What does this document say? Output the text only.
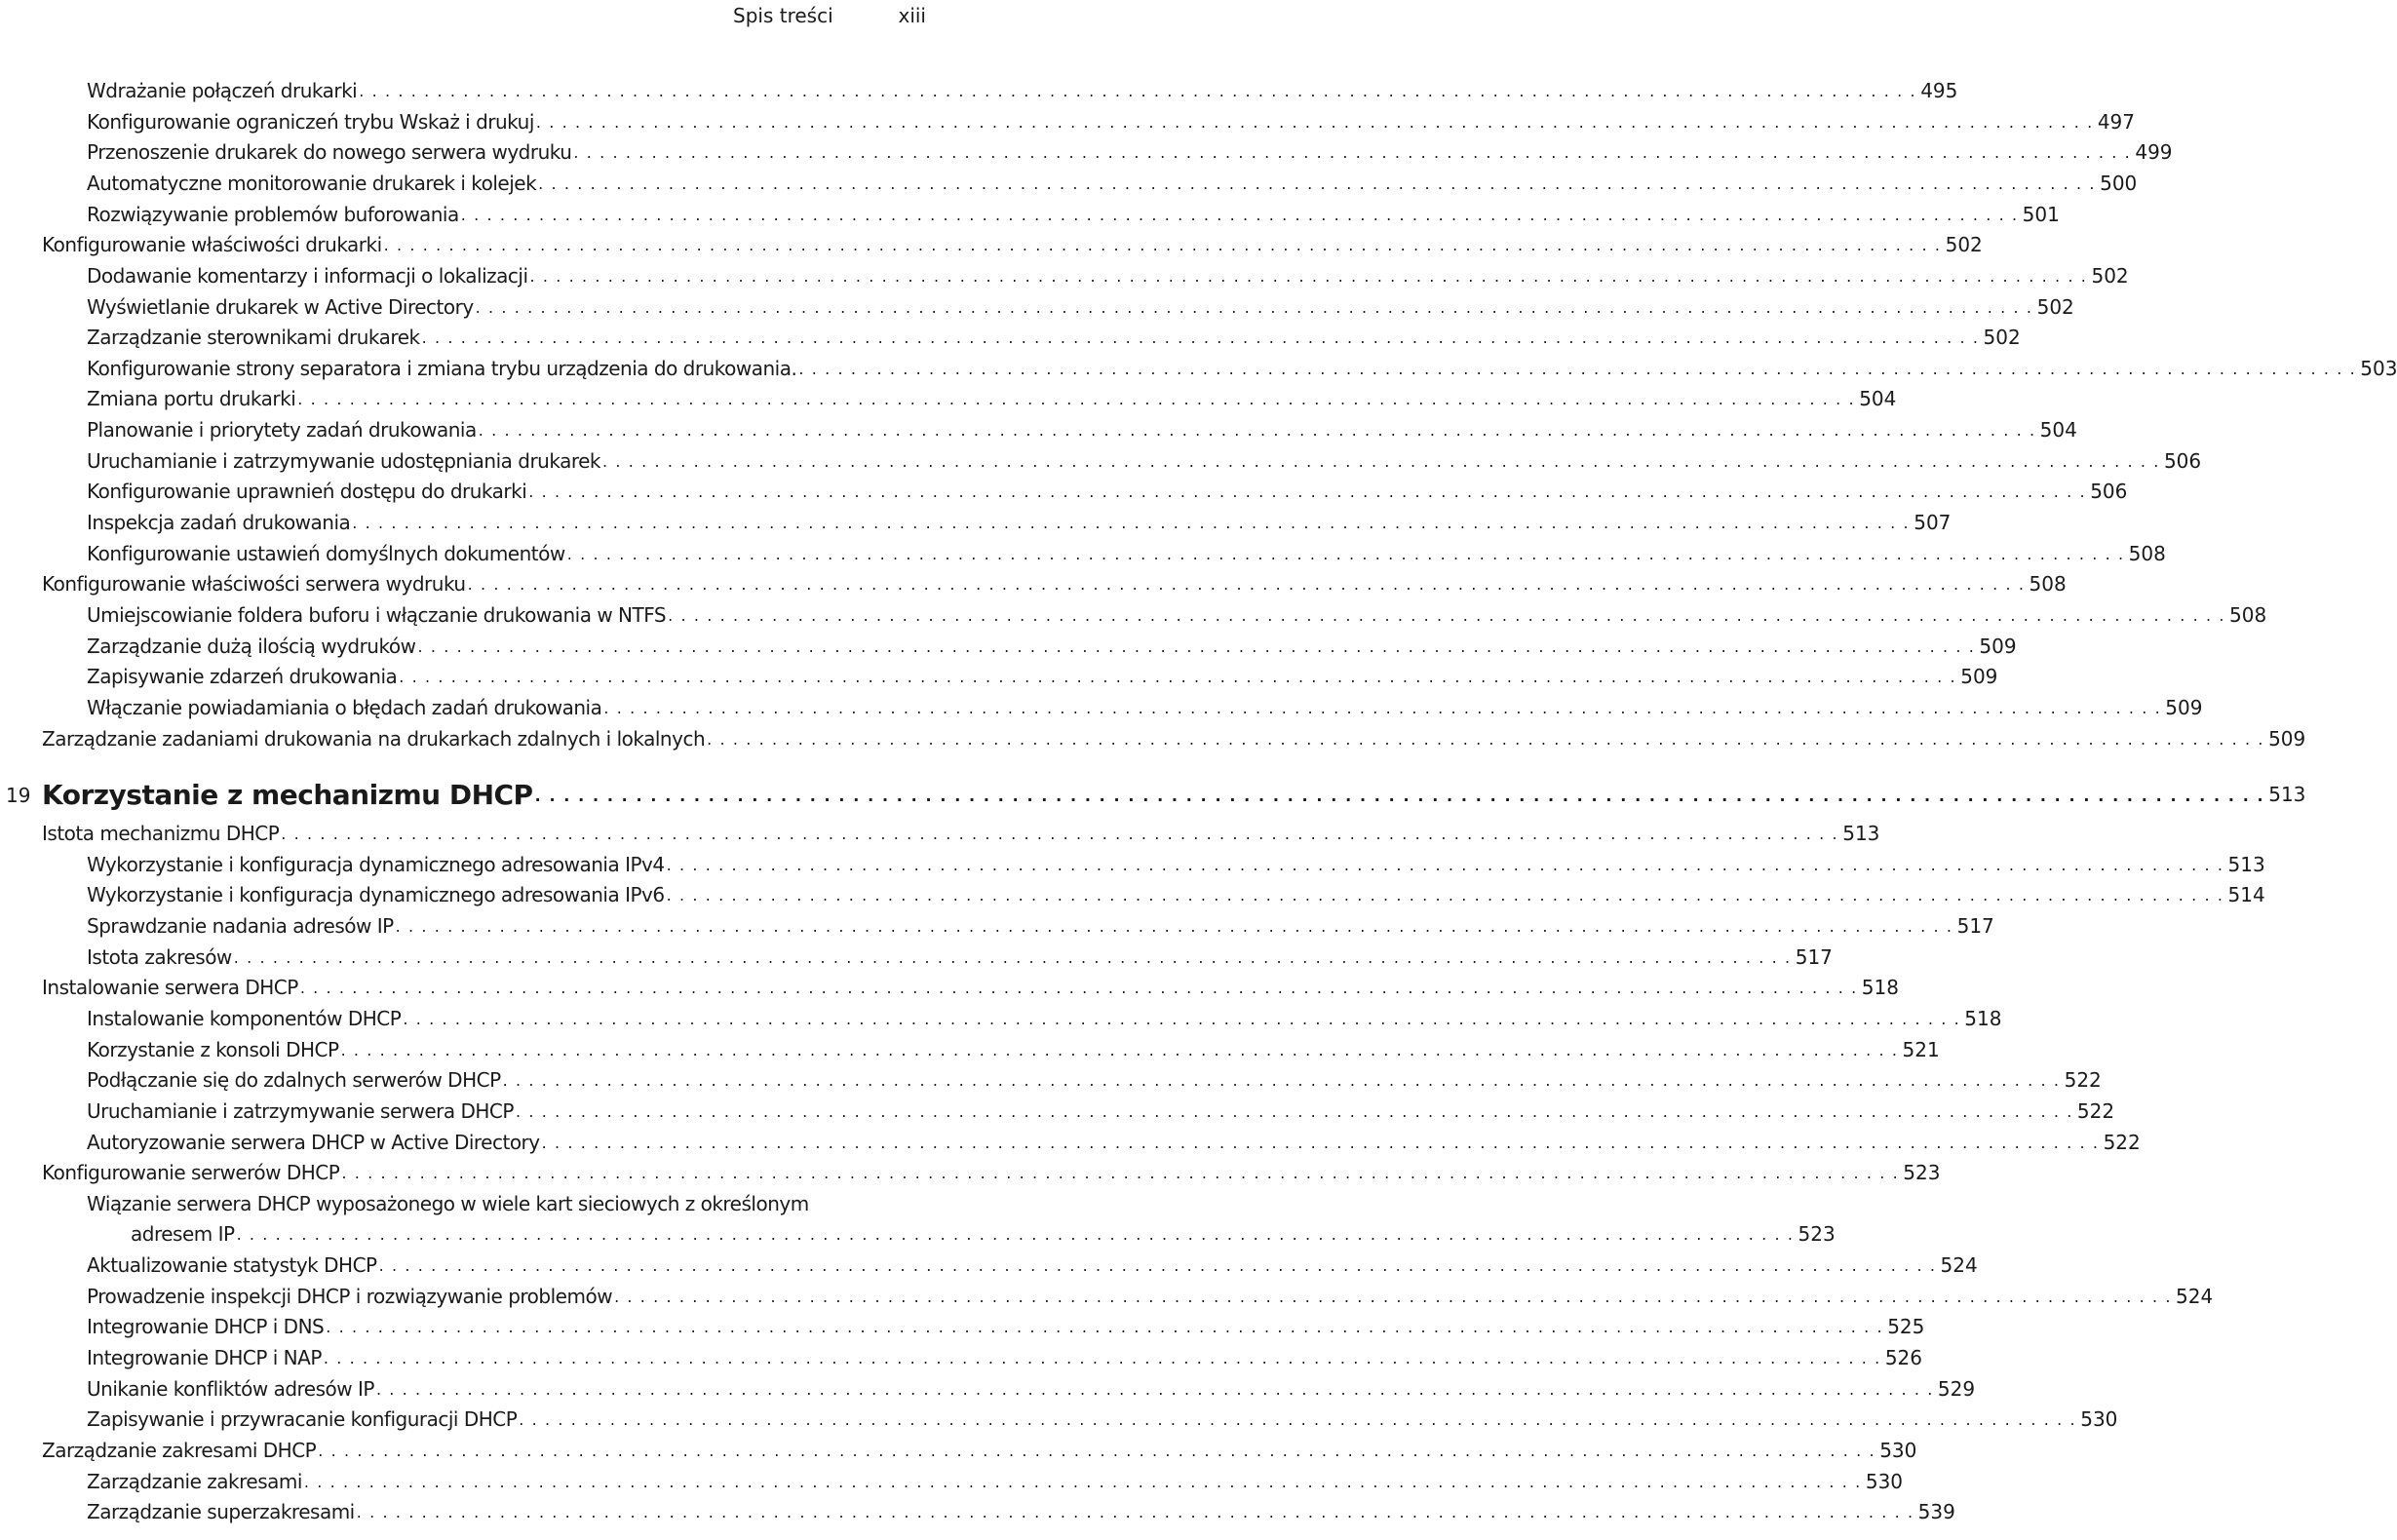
Spis treści	xiii
Wdrażanie połączeń drukarki . . . . . . . . . . . . . . . . . . . . . . . . . . . . . . . . . . . . . . . . . . . . . . . . . . . . . . . . . . . . . . . . . . . . . . . . . . . . . . . . . . . . . . . . . . . . . . . . . . . . . . . . . . . . . . . . . . . . . . . . 495
Konfigurowanie ograniczeń trybu Wskaż i drukuj . . . . . . . . . . . . . . . . . . . . . . . . . . . . . . . . . . . . . . . . . . . . . . . . . . . . . . . . . . . . . . . . . . . . . . . . . . . . . . . . . . . . . . . . . . . . . . . . . . . . . . . . . . . . . . . . . . . . . . . . 497
Przenoszenie drukarek do nowego serwera wydruku . . . . . . . . . . . . . . . . . . . . . . . . . . . . . . . . . . . . . . . . . . . . . . . . . . . . . . . . . . . . . . . . . . . . . . . . . . . . . . . . . . . . . . . . . . . . . . . . . . . . . . . . . . . . . . . . . . . . . . . . 499
Automatyczne monitorowanie drukarek i kolejek . . . . . . . . . . . . . . . . . . . . . . . . . . . . . . . . . . . . . . . . . . . . . . . . . . . . . . . . . . . . . . . . . . . . . . . . . . . . . . . . . . . . . . . . . . . . . . . . . . . . . . . . . . . . . . . . . . . . . . . . 500
Rozwiązywanie problemów buforowania . . . . . . . . . . . . . . . . . . . . . . . . . . . . . . . . . . . . . . . . . . . . . . . . . . . . . . . . . . . . . . . . . . . . . . . . . . . . . . . . . . . . . . . . . . . . . . . . . . . . . . . . . . . . . . . . . . . . . . . . 501
Konfigurowanie właściwości drukarki . . . . . . . . . . . . . . . . . . . . . . . . . . . . . . . . . . . . . . . . . . . . . . . . . . . . . . . . . . . . . . . . . . . . . . . . . . . . . . . . . . . . . . . . . . . . . . . . . . . . . . . . . . . . . . . . . . . . . . . . 502
Dodawanie komentarzy i informacji o lokalizacji . . . . . . . . . . . . . . . . . . . . . . . . . . . . . . . . . . . . . . . . . . . . . . . . . . . . . . . . . . . . . . . . . . . . . . . . . . . . . . . . . . . . . . . . . . . . . . . . . . . . . . . . . . . . . . . . . . . . . . . . 502
Wyświetlanie drukarek w Active Directory . . . . . . . . . . . . . . . . . . . . . . . . . . . . . . . . . . . . . . . . . . . . . . . . . . . . . . . . . . . . . . . . . . . . . . . . . . . . . . . . . . . . . . . . . . . . . . . . . . . . . . . . . . . . . . . . . . . . . . . . 502
Zarządzanie sterownikami drukarek . . . . . . . . . . . . . . . . . . . . . . . . . . . . . . . . . . . . . . . . . . . . . . . . . . . . . . . . . . . . . . . . . . . . . . . . . . . . . . . . . . . . . . . . . . . . . . . . . . . . . . . . . . . . . . . . . . . . . . . . 502
Konfigurowanie strony separatora i zmiana trybu urządzenia do drukowania. . . . . . . . . . . . . . . . . . . . . . . . . . . . . . . . . . . . . . . . . . . . . . . . . . . . . . . . . . . . . . . . . . . . . . . . . . . . . . . . . . . . . . . . . . . . . . . . . . . . . . . . . . . . . . . . . . . . . . . . . 503
Zmiana portu drukarki . . . . . . . . . . . . . . . . . . . . . . . . . . . . . . . . . . . . . . . . . . . . . . . . . . . . . . . . . . . . . . . . . . . . . . . . . . . . . . . . . . . . . . . . . . . . . . . . . . . . . . . . . . . . . . . . . . . . . . . . 504
Planowanie i priorytety zadań drukowania . . . . . . . . . . . . . . . . . . . . . . . . . . . . . . . . . . . . . . . . . . . . . . . . . . . . . . . . . . . . . . . . . . . . . . . . . . . . . . . . . . . . . . . . . . . . . . . . . . . . . . . . . . . . . . . . . . . . . . . . 504
Uruchamianie i zatrzymywanie udostępniania drukarek . . . . . . . . . . . . . . . . . . . . . . . . . . . . . . . . . . . . . . . . . . . . . . . . . . . . . . . . . . . . . . . . . . . . . . . . . . . . . . . . . . . . . . . . . . . . . . . . . . . . . . . . . . . . . . . . . . . . . . . . 506
Konfigurowanie uprawnień dostępu do drukarki . . . . . . . . . . . . . . . . . . . . . . . . . . . . . . . . . . . . . . . . . . . . . . . . . . . . . . . . . . . . . . . . . . . . . . . . . . . . . . . . . . . . . . . . . . . . . . . . . . . . . . . . . . . . . . . . . . . . . . . . 506
Inspekcja zadań drukowania . . . . . . . . . . . . . . . . . . . . . . . . . . . . . . . . . . . . . . . . . . . . . . . . . . . . . . . . . . . . . . . . . . . . . . . . . . . . . . . . . . . . . . . . . . . . . . . . . . . . . . . . . . . . . . . . . . . . . . . . 507
Konfigurowanie ustawień domyślnych dokumentów . . . . . . . . . . . . . . . . . . . . . . . . . . . . . . . . . . . . . . . . . . . . . . . . . . . . . . . . . . . . . . . . . . . . . . . . . . . . . . . . . . . . . . . . . . . . . . . . . . . . . . . . . . . . . . . . . . . . . . . . 508
Konfigurowanie właściwości serwera wydruku . . . . . . . . . . . . . . . . . . . . . . . . . . . . . . . . . . . . . . . . . . . . . . . . . . . . . . . . . . . . . . . . . . . . . . . . . . . . . . . . . . . . . . . . . . . . . . . . . . . . . . . . . . . . . . . . . . . . . . . . 508
Umiejscowianie foldera buforu i włączanie drukowania w NTFS . . . . . . . . . . . . . . . . . . . . . . . . . . . . . . . . . . . . . . . . . . . . . . . . . . . . . . . . . . . . . . . . . . . . . . . . . . . . . . . . . . . . . . . . . . . . . . . . . . . . . . . . . . . . . . . . . . . . . . . . 508
Zarządzanie dużą ilością wydruków . . . . . . . . . . . . . . . . . . . . . . . . . . . . . . . . . . . . . . . . . . . . . . . . . . . . . . . . . . . . . . . . . . . . . . . . . . . . . . . . . . . . . . . . . . . . . . . . . . . . . . . . . . . . . . . . . . . . . . . . 509
Zapisywanie zdarzeń drukowania . . . . . . . . . . . . . . . . . . . . . . . . . . . . . . . . . . . . . . . . . . . . . . . . . . . . . . . . . . . . . . . . . . . . . . . . . . . . . . . . . . . . . . . . . . . . . . . . . . . . . . . . . . . . . . . . . . . . . . . . 509
Włączanie powiadamiania o błędach zadań drukowania . . . . . . . . . . . . . . . . . . . . . . . . . . . . . . . . . . . . . . . . . . . . . . . . . . . . . . . . . . . . . . . . . . . . . . . . . . . . . . . . . . . . . . . . . . . . . . . . . . . . . . . . . . . . . . . . . . . . . . . . 509
Zarządzanie zadaniami drukowania na drukarkach zdalnych i lokalnych . . . . . . . . . . . . . . . . . . . . . . . . . . . . . . . . . . . . . . . . . . . . . . . . . . . . . . . . . . . . . . . . . . . . . . . . . . . . . . . . . . . . . . . . . . . . . . . . . . . . . . . . . . . . . . . . . . . . . . . . 509
19 Korzystanie z mechanizmu DHCP . . . . . . . . . . . . . . . . . . . . . . . . . . . . . . . . . . . . . . . . . . . . . . . . . . . . . . . . . . . . . . . . . . . . . . . . . . . . . . . . . . . . . . . . . . . . . . . . . . . . . . . . . . . . . . . . . . . . . . . . 513
Istota mechanizmu DHCP . . . . . . . . . . . . . . . . . . . . . . . . . . . . . . . . . . . . . . . . . . . . . . . . . . . . . . . . . . . . . . . . . . . . . . . . . . . . . . . . . . . . . . . . . . . . . . . . . . . . . . . . . . . . . . . . . . . . . . . . 513
Wykorzystanie i konfiguracja dynamicznego adresowania IPv4 . . . . . . . . . . . . . . . . . . . . . . . . . . . . . . . . . . . . . . . . . . . . . . . . . . . . . . . . . . . . . . . . . . . . . . . . . . . . . . . . . . . . . . . . . . . . . . . . . . . . . . . . . . . . . . . . . . . . . . . . 513
Wykorzystanie i konfiguracja dynamicznego adresowania IPv6 . . . . . . . . . . . . . . . . . . . . . . . . . . . . . . . . . . . . . . . . . . . . . . . . . . . . . . . . . . . . . . . . . . . . . . . . . . . . . . . . . . . . . . . . . . . . . . . . . . . . . . . . . . . . . . . . . . . . . . . . 514
Sprawdzanie nadania adresów IP . . . . . . . . . . . . . . . . . . . . . . . . . . . . . . . . . . . . . . . . . . . . . . . . . . . . . . . . . . . . . . . . . . . . . . . . . . . . . . . . . . . . . . . . . . . . . . . . . . . . . . . . . . . . . . . . . . . . . . . . 517
Istota zakresów . . . . . . . . . . . . . . . . . . . . . . . . . . . . . . . . . . . . . . . . . . . . . . . . . . . . . . . . . . . . . . . . . . . . . . . . . . . . . . . . . . . . . . . . . . . . . . . . . . . . . . . . . . . . . . . . . . . . . . . . 517
Instalowanie serwera DHCP . . . . . . . . . . . . . . . . . . . . . . . . . . . . . . . . . . . . . . . . . . . . . . . . . . . . . . . . . . . . . . . . . . . . . . . . . . . . . . . . . . . . . . . . . . . . . . . . . . . . . . . . . . . . . . . . . . . . . . . . 518
Instalowanie komponentów DHCP . . . . . . . . . . . . . . . . . . . . . . . . . . . . . . . . . . . . . . . . . . . . . . . . . . . . . . . . . . . . . . . . . . . . . . . . . . . . . . . . . . . . . . . . . . . . . . . . . . . . . . . . . . . . . . . . . . . . . . . . 518
Korzystanie z konsoli DHCP . . . . . . . . . . . . . . . . . . . . . . . . . . . . . . . . . . . . . . . . . . . . . . . . . . . . . . . . . . . . . . . . . . . . . . . . . . . . . . . . . . . . . . . . . . . . . . . . . . . . . . . . . . . . . . . . . . . . . . . . 521
Podłączanie się do zdalnych serwerów DHCP . . . . . . . . . . . . . . . . . . . . . . . . . . . . . . . . . . . . . . . . . . . . . . . . . . . . . . . . . . . . . . . . . . . . . . . . . . . . . . . . . . . . . . . . . . . . . . . . . . . . . . . . . . . . . . . . . . . . . . . . 522
Uruchamianie i zatrzymywanie serwera DHCP . . . . . . . . . . . . . . . . . . . . . . . . . . . . . . . . . . . . . . . . . . . . . . . . . . . . . . . . . . . . . . . . . . . . . . . . . . . . . . . . . . . . . . . . . . . . . . . . . . . . . . . . . . . . . . . . . . . . . . . . 522
Autoryzowanie serwera DHCP w Active Directory . . . . . . . . . . . . . . . . . . . . . . . . . . . . . . . . . . . . . . . . . . . . . . . . . . . . . . . . . . . . . . . . . . . . . . . . . . . . . . . . . . . . . . . . . . . . . . . . . . . . . . . . . . . . . . . . . . . . . . . . 522
Konfigurowanie serwerów DHCP . . . . . . . . . . . . . . . . . . . . . . . . . . . . . . . . . . . . . . . . . . . . . . . . . . . . . . . . . . . . . . . . . . . . . . . . . . . . . . . . . . . . . . . . . . . . . . . . . . . . . . . . . . . . . . . . . . . . . . . . 523
Wiązanie serwera DHCP wyposażonego w wiele kart sieciowych z określonym
adresem IP . . . . . . . . . . . . . . . . . . . . . . . . . . . . . . . . . . . . . . . . . . . . . . . . . . . . . . . . . . . . . . . . . . . . . . . . . . . . . . . . . . . . . . . . . . . . . . . . . . . . . . . . . . . . . . . . . . . . . . . . 523
Aktualizowanie statystyk DHCP . . . . . . . . . . . . . . . . . . . . . . . . . . . . . . . . . . . . . . . . . . . . . . . . . . . . . . . . . . . . . . . . . . . . . . . . . . . . . . . . . . . . . . . . . . . . . . . . . . . . . . . . . . . . . . . . . . . . . . . . 524
Prowadzenie inspekcji DHCP i rozwiązywanie problemów . . . . . . . . . . . . . . . . . . . . . . . . . . . . . . . . . . . . . . . . . . . . . . . . . . . . . . . . . . . . . . . . . . . . . . . . . . . . . . . . . . . . . . . . . . . . . . . . . . . . . . . . . . . . . . . . . . . . . . . . 524
Integrowanie DHCP i DNS . . . . . . . . . . . . . . . . . . . . . . . . . . . . . . . . . . . . . . . . . . . . . . . . . . . . . . . . . . . . . . . . . . . . . . . . . . . . . . . . . . . . . . . . . . . . . . . . . . . . . . . . . . . . . . . . . . . . . . . . 525
Integrowanie DHCP i NAP . . . . . . . . . . . . . . . . . . . . . . . . . . . . . . . . . . . . . . . . . . . . . . . . . . . . . . . . . . . . . . . . . . . . . . . . . . . . . . . . . . . . . . . . . . . . . . . . . . . . . . . . . . . . . . . . . . . . . . . . 526
Unikanie konfliktów adresów IP . . . . . . . . . . . . . . . . . . . . . . . . . . . . . . . . . . . . . . . . . . . . . . . . . . . . . . . . . . . . . . . . . . . . . . . . . . . . . . . . . . . . . . . . . . . . . . . . . . . . . . . . . . . . . . . . . . . . . . . . 529
Zapisywanie i przywracanie konfiguracji DHCP . . . . . . . . . . . . . . . . . . . . . . . . . . . . . . . . . . . . . . . . . . . . . . . . . . . . . . . . . . . . . . . . . . . . . . . . . . . . . . . . . . . . . . . . . . . . . . . . . . . . . . . . . . . . . . . . . . . . . . . . 530
Zarządzanie zakresami DHCP . . . . . . . . . . . . . . . . . . . . . . . . . . . . . . . . . . . . . . . . . . . . . . . . . . . . . . . . . . . . . . . . . . . . . . . . . . . . . . . . . . . . . . . . . . . . . . . . . . . . . . . . . . . . . . . . . . . . . . . . 530
Zarządzanie zakresami . . . . . . . . . . . . . . . . . . . . . . . . . . . . . . . . . . . . . . . . . . . . . . . . . . . . . . . . . . . . . . . . . . . . . . . . . . . . . . . . . . . . . . . . . . . . . . . . . . . . . . . . . . . . . . . . . . . . . . . . 530
Zarządzanie superzakresami . . . . . . . . . . . . . . . . . . . . . . . . . . . . . . . . . . . . . . . . . . . . . . . . . . . . . . . . . . . . . . . . . . . . . . . . . . . . . . . . . . . . . . . . . . . . . . . . . . . . . . . . . . . . . . . . . . . . . . . . 539
